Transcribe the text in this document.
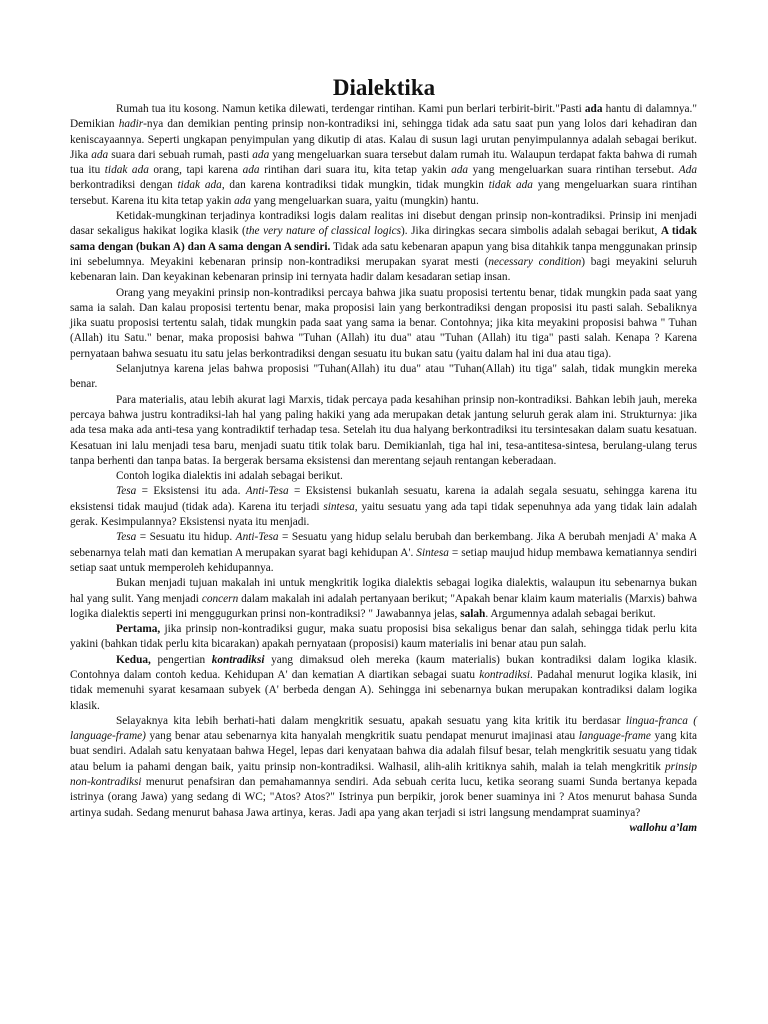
Dialektika

Rumah tua itu kosong. Namun ketika dilewati, terdengar rintihan. Kami pun berlari terbirit-birit."Pasti ada hantu di dalamnya." Demikian hadir-nya dan demikian penting prinsip non-kontradiksi ini, sehingga tidak ada satu saat pun yang lolos dari kehadiran dan keniscayaannya. Seperti ungkapan penyimpulan yang dikutip di atas. Kalau di susun lagi urutan penyimpulannya adalah sebagai berikut. Jika ada suara dari sebuah rumah, pasti ada yang mengeluarkan suara tersebut dalam rumah itu. Walaupun terdapat fakta bahwa di rumah tua itu tidak ada orang, tapi karena ada rintihan dari suara itu, kita tetap yakin ada yang mengeluarkan suara rintihan tersebut. Ada berkontradiksi dengan tidak ada, dan karena kontradiksi tidak mungkin, tidak mungkin tidak ada yang mengeluarkan suara rintihan tersebut. Karena itu kita tetap yakin ada yang mengeluarkan suara, yaitu (mungkin) hantu.

Ketidak-mungkinan terjadinya kontradiksi logis dalam realitas ini disebut dengan prinsip non-kontradiksi. Prinsip ini menjadi dasar sekaligus hakikat logika klasik (the very nature of classical logics). Jika diringkas secara simbolis adalah sebagai berikut, A tidak sama dengan (bukan A) dan A sama dengan A sendiri. Tidak ada satu kebenaran apapun yang bisa ditahkik tanpa menggunakan prinsip ini sebelumnya. Meyakini kebenaran prinsip non-kontradiksi merupakan syarat mesti (necessary condition) bagi meyakini seluruh kebenaran lain. Dan keyakinan kebenaran prinsip ini ternyata hadir dalam kesadaran setiap insan.

Orang yang meyakini prinsip non-kontradiksi percaya bahwa jika suatu proposisi tertentu benar, tidak mungkin pada saat yang sama ia salah. Dan kalau proposisi tertentu benar, maka proposisi lain yang berkontradiksi dengan proposisi itu pasti salah. Sebaliknya jika suatu proposisi tertentu salah, tidak mungkin pada saat yang sama ia benar. Contohnya; jika kita meyakini proposisi bahwa " Tuhan (Allah) itu Satu." benar, maka proposisi bahwa "Tuhan (Allah) itu dua" atau "Tuhan (Allah) itu tiga" pasti salah. Kenapa ? Karena pernyataan bahwa sesuatu itu satu jelas berkontradiksi dengan sesuatu itu bukan satu (yaitu dalam hal ini dua atau tiga).

Selanjutnya karena jelas bahwa proposisi "Tuhan(Allah) itu dua" atau "Tuhan(Allah) itu tiga" salah, tidak mungkin mereka benar.

Para materialis, atau lebih akurat lagi Marxis, tidak percaya pada kesahihan prinsip non-kontradiksi. Bahkan lebih jauh, mereka percaya bahwa justru kontradiksi-lah hal yang paling hakiki yang ada merupakan detak jantung seluruh gerak alam ini. Strukturnya: jika ada tesa maka ada anti-tesa yang kontradiktif terhadap tesa. Setelah itu dua halyang berkontradiksi itu tersintesakan dalam suatu kesatuan. Kesatuan ini lalu menjadi tesa baru, menjadi suatu titik tolak baru. Demikianlah, tiga hal ini, tesa-antitesa-sintesa, berulang-ulang terus tanpa berhenti dan tanpa batas. Ia bergerak bersama eksistensi dan merentang sejauh rentangan keberadaan.

Contoh logika dialektis ini adalah sebagai berikut.

Tesa = Eksistensi itu ada. Anti-Tesa = Eksistensi bukanlah sesuatu, karena ia adalah segala sesuatu, sehingga karena itu eksistensi tidak maujud (tidak ada). Karena itu terjadi sintesa, yaitu sesuatu yang ada tapi tidak sepenuhnya ada yang tidak lain adalah gerak. Kesimpulannya? Eksistensi nyata itu menjadi.

Tesa = Sesuatu itu hidup. Anti-Tesa = Sesuatu yang hidup selalu berubah dan berkembang. Jika A berubah menjadi A' maka A sebenarnya telah mati dan kematian A merupakan syarat bagi kehidupan A'. Sintesa = setiap maujud hidup membawa kematiannya sendiri setiap saat untuk memperoleh kehidupannya.

Bukan menjadi tujuan makalah ini untuk mengkritik logika dialektis sebagai logika dialektis, walaupun itu sebenarnya bukan hal yang sulit. Yang menjadi concern dalam makalah ini adalah pertanyaan berikut; "Apakah benar klaim kaum materialis (Marxis) bahwa logika dialektis seperti ini menggugurkan prinsi non-kontradiksi? " Jawabannya jelas, salah. Argumennya adalah sebagai berikut.

Pertama, jika prinsip non-kontradiksi gugur, maka suatu proposisi bisa sekaligus benar dan salah, sehingga tidak perlu kita yakini (bahkan tidak perlu kita bicarakan) apakah pernyataan (proposisi) kaum materialis ini benar atau pun salah.

Kedua, pengertian kontradiksi yang dimaksud oleh mereka (kaum materialis) bukan kontradiksi dalam logika klasik. Contohnya dalam contoh kedua. Kehidupan A' dan kematian A diartikan sebagai suatu kontradiksi. Padahal menurut logika klasik, ini tidak memenuhi syarat kesamaan subyek (A' berbeda dengan A). Sehingga ini sebenarnya bukan merupakan kontradiksi dalam logika klasik.

Selayaknya kita lebih berhati-hati dalam mengkritik sesuatu, apakah sesuatu yang kita kritik itu berdasar lingua-franca ( language-frame) yang benar atau sebenarnya kita hanyalah mengkritik suatu pendapat menurut imajinasi atau language-frame yang kita buat sendiri. Adalah satu kenyataan bahwa Hegel, lepas dari kenyataan bahwa dia adalah filsuf besar, telah mengkritik sesuatu yang tidak atau belum ia pahami dengan baik, yaitu prinsip non-kontradiksi. Walhasil, alih-alih kritiknya sahih, malah ia telah mengkritik prinsip non-kontradiksi menurut penafsiran dan pemahamannya sendiri. Ada sebuah cerita lucu, ketika seorang suami Sunda bertanya kepada istrinya (orang Jawa) yang sedang di WC; "Atos? Atos?" Istrinya pun berpikir, jorok bener suaminya ini ? Atos menurut bahasa Sunda artinya sudah. Sedang menurut bahasa Jawa artinya, keras. Jadi apa yang akan terjadi si istri langsung mendamprat suaminya?

wallohu a’lam
